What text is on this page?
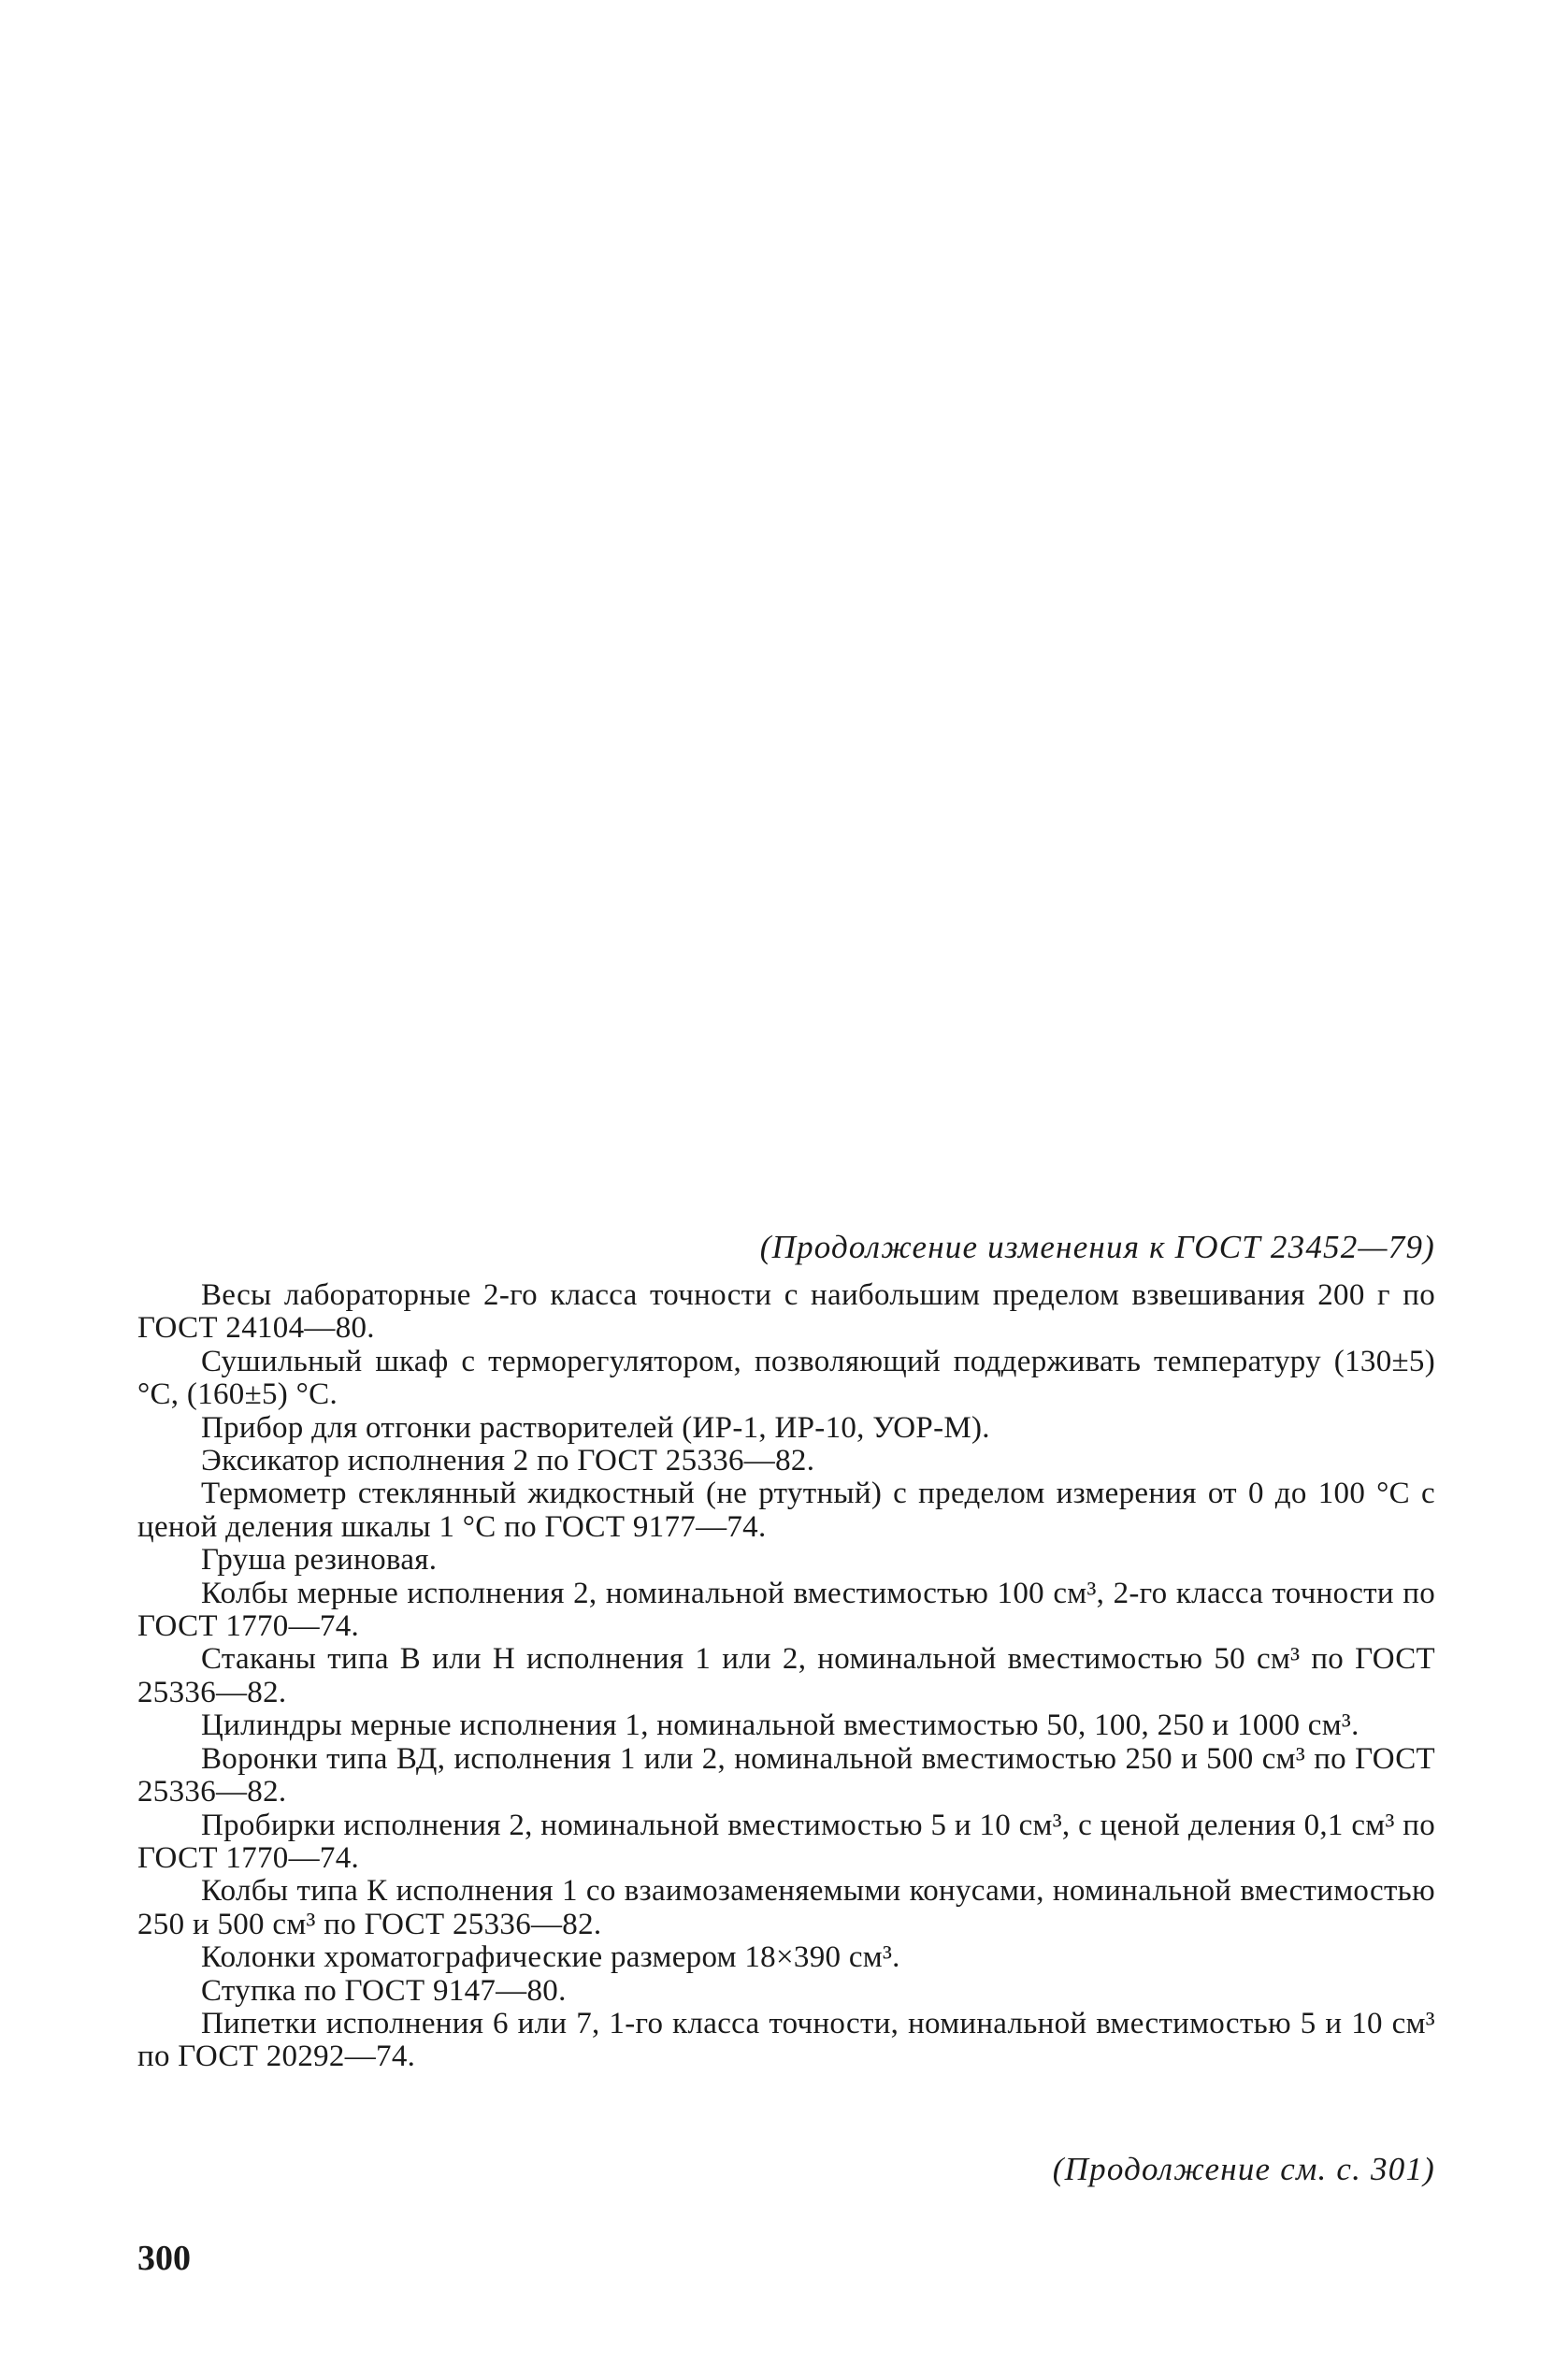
(Продолжение изменения к ГОСТ 23452—79)

Весы лабораторные 2-го класса точности с наибольшим пределом взвешивания 200 г по ГОСТ 24104—80.

Сушильный шкаф с терморегулятором, позволяющий поддерживать температуру (130±5) °С, (160±5) °С.

Прибор для отгонки растворителей (ИР-1, ИР-10, УОР-М).

Эксикатор исполнения 2 по ГОСТ 25336—82.

Термометр стеклянный жидкостный (не ртутный) с пределом измерения от 0 до 100 °С с ценой деления шкалы 1 °С по ГОСТ 9177—74.

Груша резиновая.

Колбы мерные исполнения 2, номинальной вместимостью 100 см³, 2-го класса точности по ГОСТ 1770—74.

Стаканы типа В или Н исполнения 1 или 2, номинальной вместимостью 50 см³ по ГОСТ 25336—82.

Цилиндры мерные исполнения 1, номинальной вместимостью 50, 100, 250 и 1000 см³.

Воронки типа ВД, исполнения 1 или 2, номинальной вместимостью 250 и 500 см³ по ГОСТ 25336—82.

Пробирки исполнения 2, номинальной вместимостью 5 и 10 см³, с ценой деления 0,1 см³ по ГОСТ 1770—74.

Колбы типа К исполнения 1 со взаимозаменяемыми конусами, номинальной вместимостью 250 и 500 см³ по ГОСТ 25336—82.

Колонки хроматографические размером 18×390 см³.

Ступка по ГОСТ 9147—80.

Пипетки исполнения 6 или 7, 1-го класса точности, номинальной вместимостью 5 и 10 см³ по ГОСТ 20292—74.

(Продолжение см. с. 301)
300
